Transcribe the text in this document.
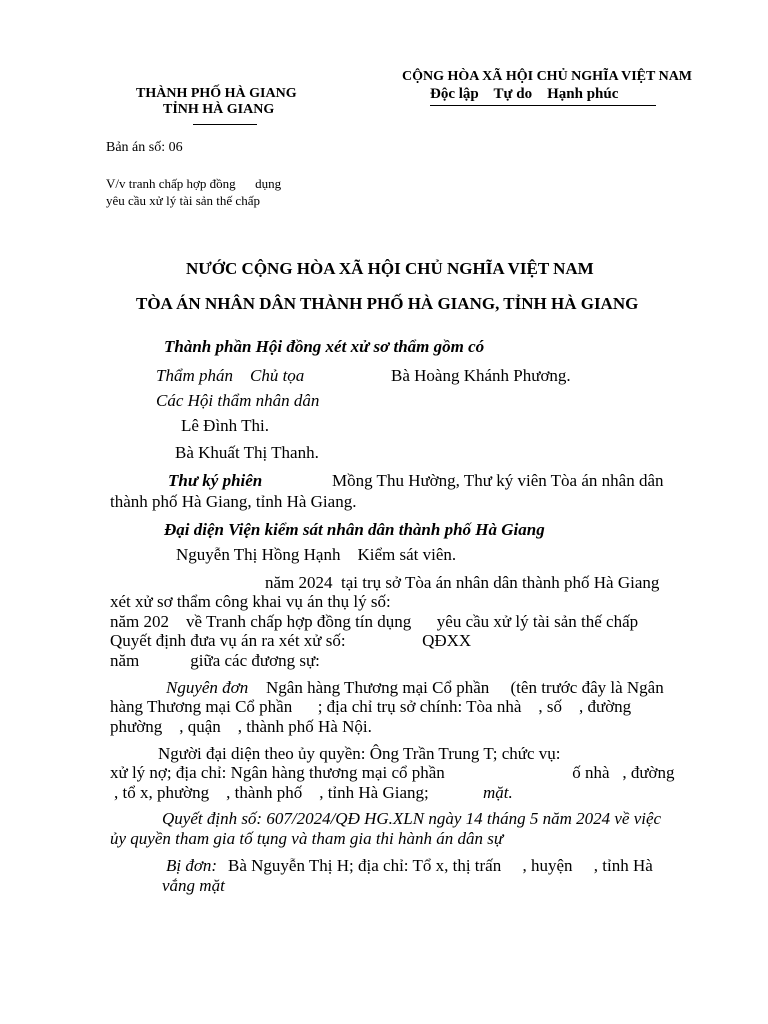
THÀNH PHỐ HÀ GIANG
TỈNH HÀ GIANG
CỘNG HÒA XÃ HỘI CHỦ NGHĨA VIỆT NAM
Độc lập Tự do Hạnh phúc
Bản án số: 06
V/v tranh chấp hợp đồng      dụng
yêu cầu xử lý tài sản thế chấp
NƯỚC CỘNG HÒA XÃ HỘI CHỦ NGHĨA VIỆT NAM
TÒA ÁN NHÂN DÂN THÀNH PHỐ HÀ GIANG, TỈNH HÀ GIANG
Thành phần Hội đồng xét xử sơ thẩm gồm có
Thẩm phán    Chủ tọa	Bà Hoàng Khánh Phương.
Các Hội thẩm nhân dân
Lê Đình Thi.
Bà Khuất Thị Thanh.
Thư ký phiên	Mồng Thu Hường, Thư ký viên Tòa án nhân dân
thành phố Hà Giang, tỉnh Hà Giang.
Đại diện Viện kiểm sát nhân dân thành phố Hà Giang
Nguyễn Thị Hồng Hạnh    Kiểm sát viên.
năm 2024  tại trụ sở Tòa án nhân dân thành phố Hà Giang
xét xử sơ thẩm công khai vụ án thụ lý số:
năm 202    về Tranh chấp hợp đồng tín dụng      yêu cầu xử lý tài sản thế chấp
Quyết định đưa vụ án ra xét xử số:                  QĐXX
năm            giữa các đương sự:
Nguyên đơn Ngân hàng Thương mại Cổ phần     (tên trước đây là Ngân
hàng Thương mại Cổ phần      ; địa chỉ trụ sở chính: Tòa nhà    , số    , đường
phường    , quận    , thành phố Hà Nội.
Người đại diện theo ủy quyền: Ông Trần Trung T; chức vụ:
xử lý nợ; địa chỉ: Ngân hàng thương mại cổ phần                              ố nhà   , đường
, tổ x, phường    , thành phố    , tỉnh Hà Giang;	mặt.
Quyết định số: 607/2024/QĐ HG.XLN ngày 14 tháng 5 năm 2024 về việc
ủy quyền tham gia tố tụng và tham gia thi hành án dân sự
Bị đơn: Bà Nguyễn Thị H; địa chỉ: Tổ x, thị trấn     , huyện     , tỉnh Hà
vắng mặt
